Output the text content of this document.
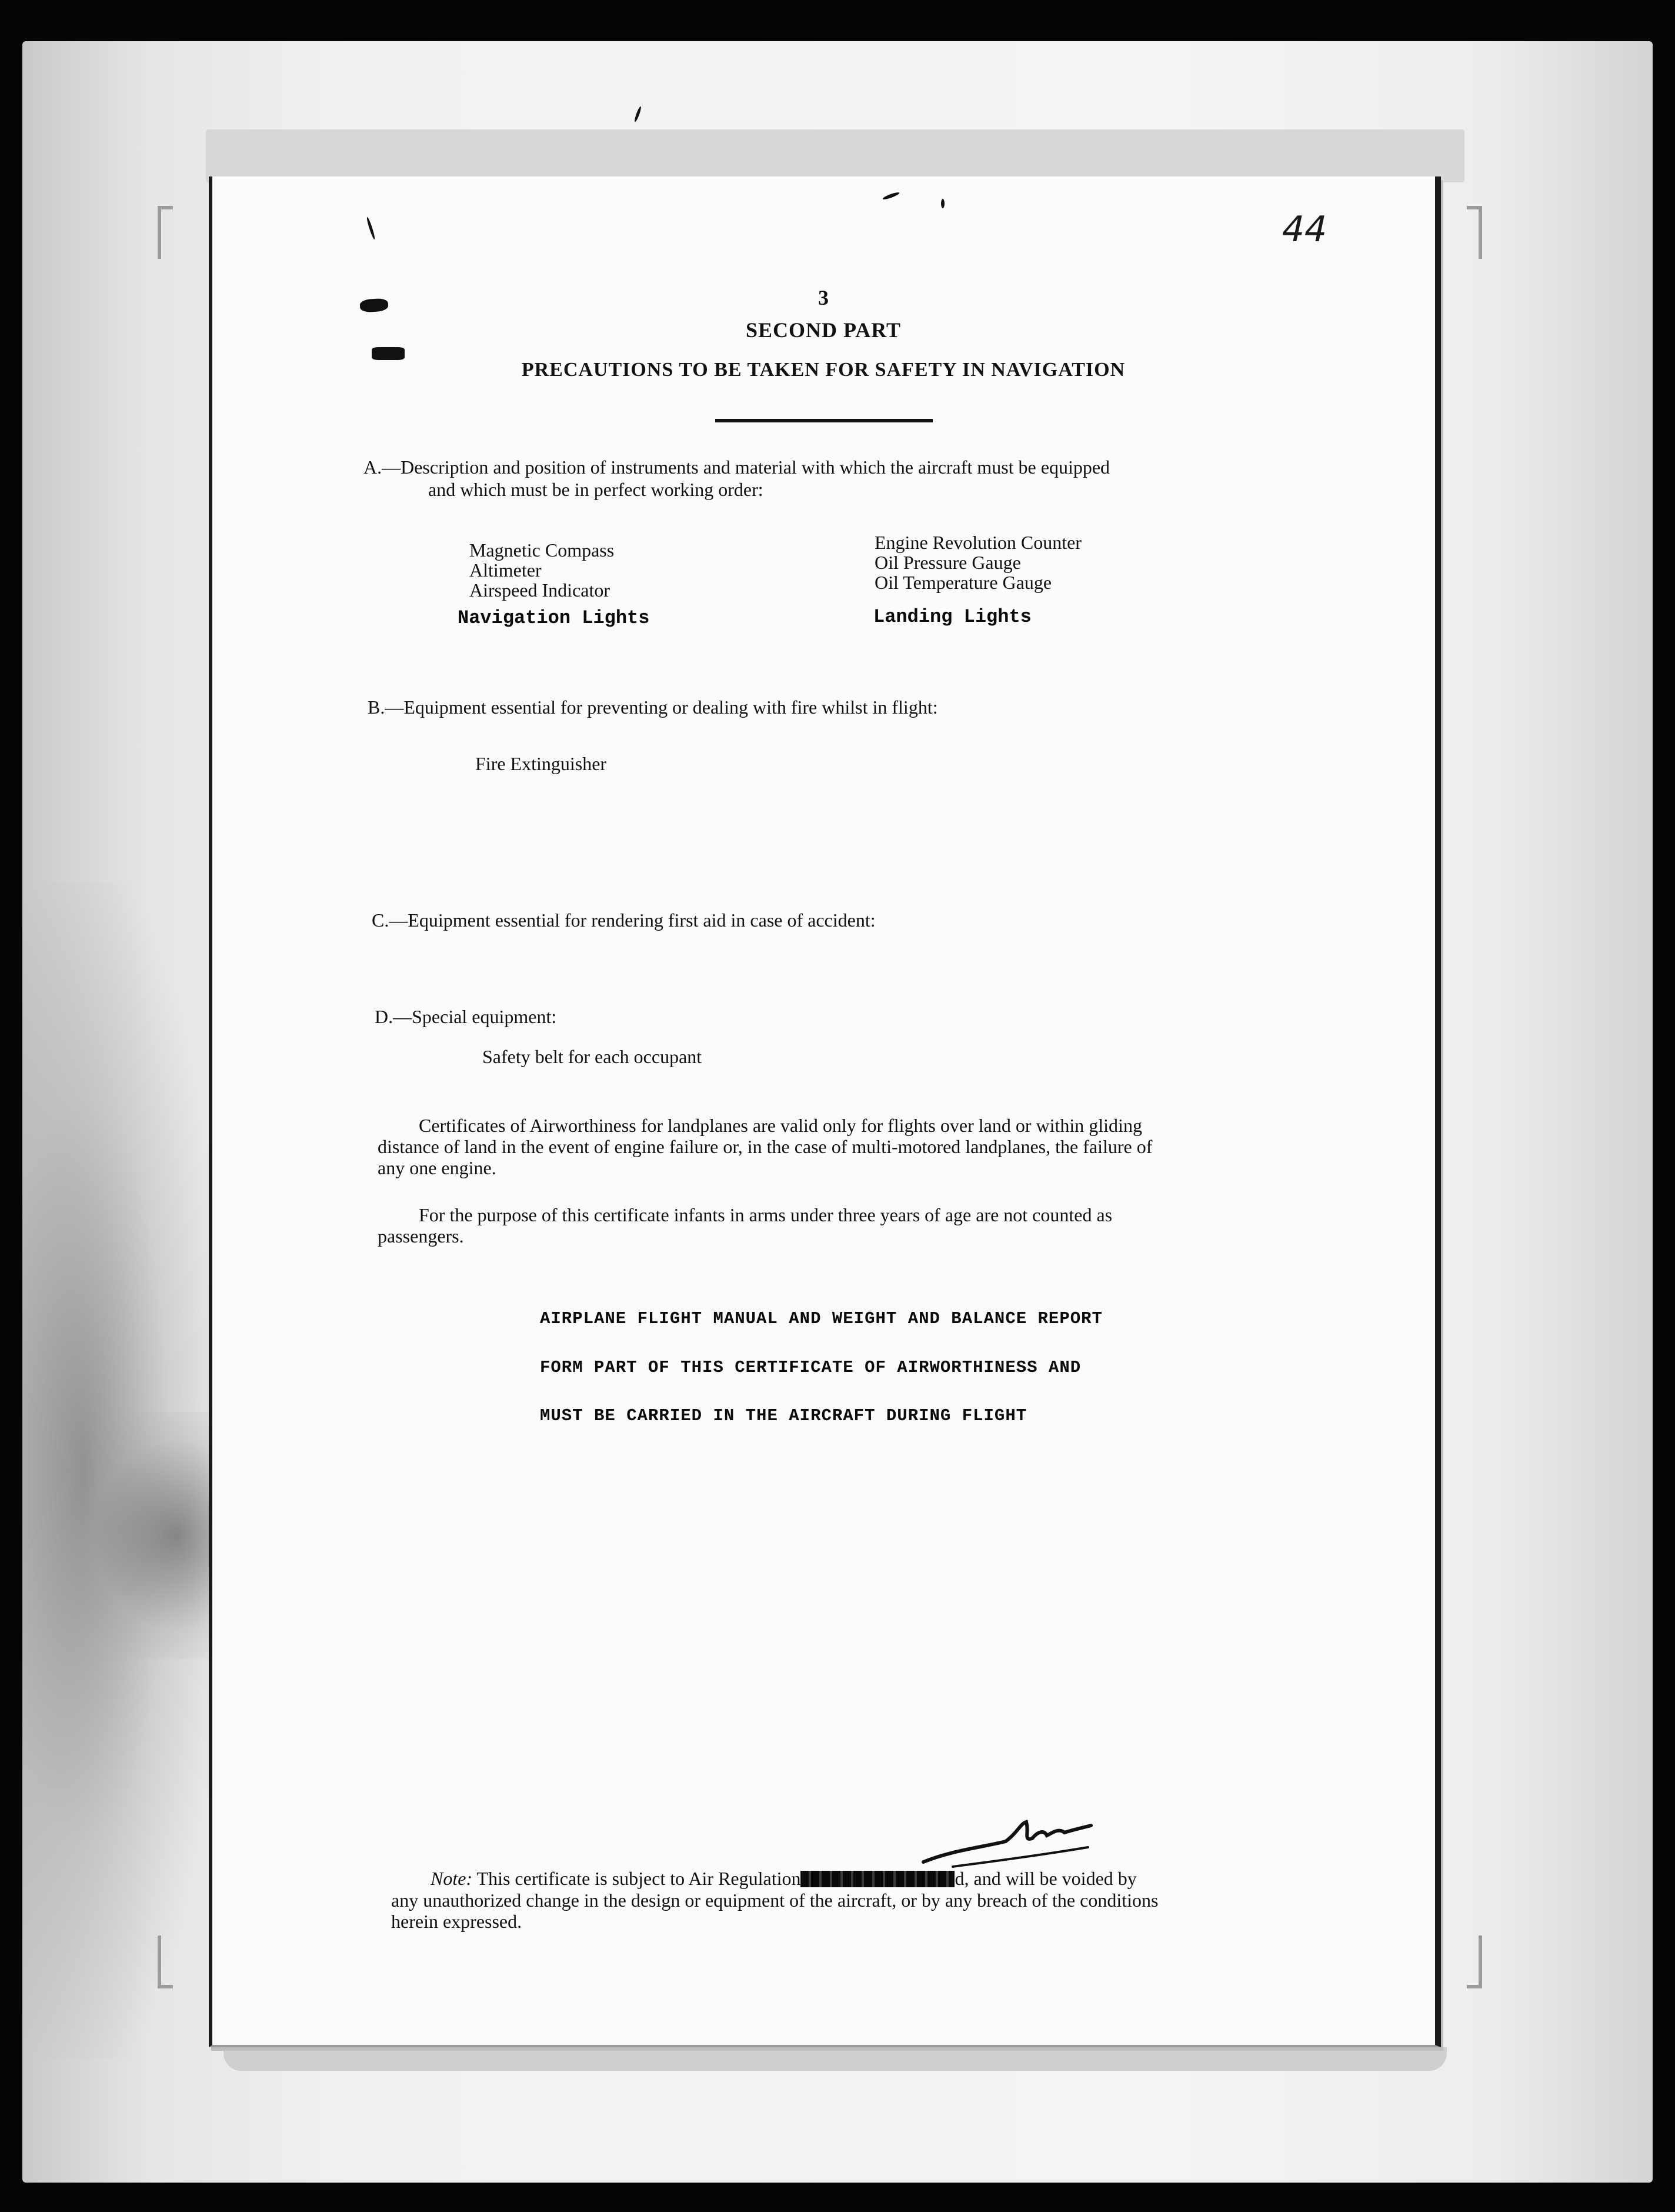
44
3
SECOND PART
PRECAUTIONS TO BE TAKEN FOR SAFETY IN NAVIGATION
A.—Description and position of instruments and material with which the aircraft must be equipped
and which must be in perfect working order:
Magnetic Compass
Altimeter
Airspeed Indicator
Engine Revolution Counter
Oil Pressure Gauge
Oil Temperature Gauge
Navigation Lights	Landing Lights
B.—Equipment essential for preventing or dealing with fire whilst in flight:
Fire Extinguisher
C.—Equipment essential for rendering first aid in case of accident:
D.—Special equipment:
Safety belt for each occupant
Certificates of Airworthiness for landplanes are valid only for flights over land or within gliding
distance of land in the event of engine failure or, in the case of multi-motored landplanes, the failure of
any one engine.
For the purpose of this certificate infants in arms under three years of age are not counted as
passengers.
AIRPLANE FLIGHT MANUAL AND WEIGHT AND BALANCE REPORT
FORM PART OF THIS CERTIFICATE OF AIRWORTHINESS AND
MUST BE CARRIED IN THE AIRCRAFT DURING FLIGHT
Note: This certificate is subject to Air Regulation	d, and will be voided by
any unauthorized change in the design or equipment of the aircraft, or by any breach of the conditions
herein expressed.
